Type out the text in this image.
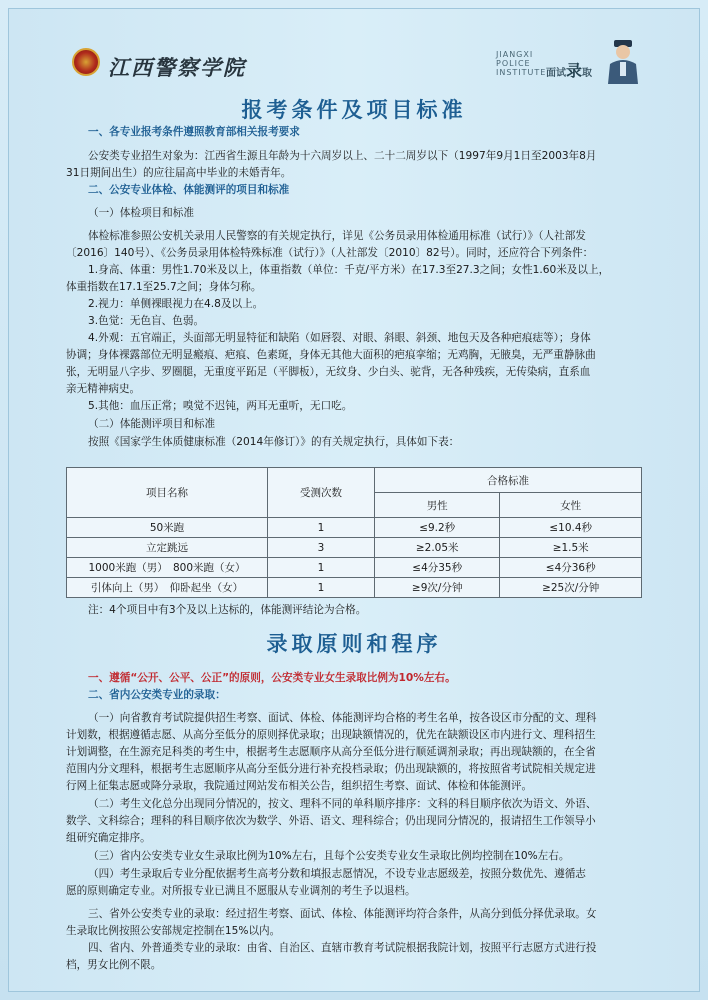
江西警察学院
JIANGXI
POLICE
INSTITUTE 面试录取
报考条件及项目标准
一、各专业报考条件遵照教育部相关报考要求
公安类专业招生对象为：江西省生源且年龄为十六周岁以上、二十二周岁以下（1997年9月1日至2003年8月
31日期间出生）的应往届高中毕业的未婚青年。
二、公安专业体检、体能测评的项目和标准
（一）体检项目和标准
体检标准参照公安机关录用人民警察的有关规定执行，详见《公务员录用体检通用标准（试行）》（人社部发
〔2016〕140号）、《公务员录用体检特殊标准（试行）》（人社部发〔2010〕82号）。同时，还应符合下列条件：
1.身高、体重：男性1.70米及以上，体重指数（单位：千克/平方米）在17.3至27.3之间；女性1.60米及以上，
体重指数在17.1至25.7之间；身体匀称。
2.视力：单侧裸眼视力在4.8及以上。
3.色觉：无色盲、色弱。
4.外观：五官端正，头面部无明显特征和缺陷（如唇裂、对眼、斜眼、斜颈、地包天及各种疤痕痣等）；身体
协调；身体裸露部位无明显瘢痕、疤痕、色素斑，身体无其他大面积的疤痕挛缩；无鸡胸，无腋臭，无严重静脉曲
张，无明显八字步、罗圈腿，无重度平跖足（平脚板），无纹身、少白头、驼背，无各种残疾，无传染病，直系血
亲无精神病史。
5.其他：血压正常；嗅觉不迟钝，两耳无重听，无口吃。
（二）体能测评项目和标准
按照《国家学生体质健康标准（2014年修订）》的有关规定执行，具体如下表：
项目名称	受测次数	合格标准	
		男性	女性
50米跑	1	≤9.2秒	≤10.4秒
立定跳远	3	≥2.05米	≥1.5米
1000米跑（男）　800米跑（女）	1	≤4分35秒	≤4分36秒
引体向上（男）　仰卧起坐（女）	1	≥9次/分钟	≥25次/分钟
注：4个项目中有3个及以上达标的，体能测评结论为合格。
录取原则和程序
一、遵循“公开、公平、公正”的原则，公安类专业女生录取比例为10%左右。
二、省内公安类专业的录取：
（一）向省教育考试院提供招生考察、面试、体检、体能测评均合格的考生名单，按各设区市分配的文、理科
计划数，根据遵循志愿、从高分至低分的原则择优录取；出现缺额情况的，优先在缺额设区市内进行文、理科招生
计划调整，在生源充足科类的考生中，根据考生志愿顺序从高分至低分进行顺延调剂录取；再出现缺额的，在全省
范围内分文理科，根据考生志愿顺序从高分至低分进行补充投档录取；仍出现缺额的，将按照省考试院相关规定进
行网上征集志愿或降分录取，我院通过网站发布相关公告，组织招生考察、面试、体检和体能测评。
（二）考生文化总分出现同分情况的，按文、理科不同的单科顺序排序：文科的科目顺序依次为语文、外语、
数学、文科综合；理科的科目顺序依次为数学、外语、语文、理科综合；仍出现同分情况的，报请招生工作领导小
组研究确定排序。
（三）省内公安类专业女生录取比例为10%左右，且每个公安类专业女生录取比例均控制在10%左右。
（四）考生录取后专业分配依据考生高考分数和填报志愿情况，不设专业志愿级差，按照分数优先、遵循志
愿的原则确定专业。对所报专业已满且不愿服从专业调剂的考生予以退档。
三、省外公安类专业的录取：经过招生考察、面试、体检、体能测评均符合条件，从高分到低分择优录取。女
生录取比例按照公安部规定控制在15%以内。
四、省内、外普通类专业的录取：由省、自治区、直辖市教育考试院根据我院计划，按照平行志愿方式进行投
档，男女比例不限。
